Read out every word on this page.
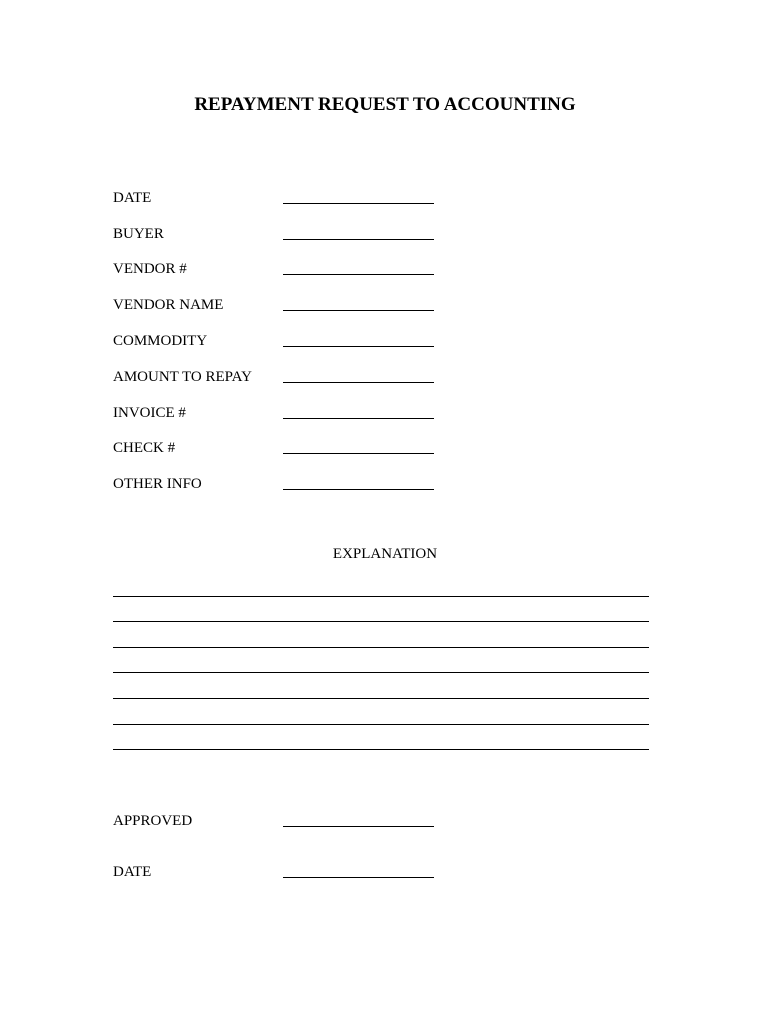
REPAYMENT REQUEST TO ACCOUNTING
DATE
BUYER
VENDOR #
VENDOR NAME
COMMODITY
AMOUNT TO REPAY
INVOICE #
CHECK #
OTHER INFO
EXPLANATION
APPROVED
DATE
